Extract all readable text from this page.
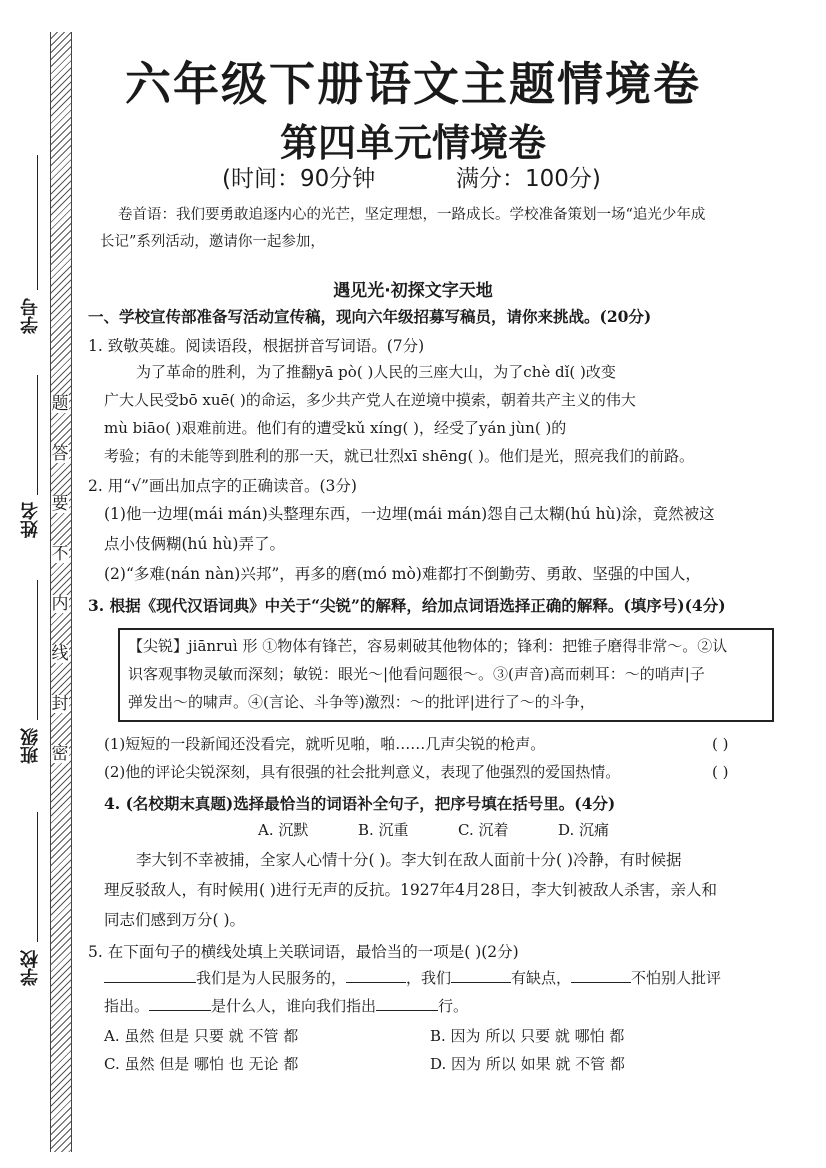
题
答
要
不
内
线
封
密
学号
姓名
班级
学校
六年级下册语文主题情境卷
第四单元情境卷
(时间：90分钟	满分：100分)
卷首语：我们要勇敢追逐内心的光芒，坚定理想，一路成长。学校准备策划一场“追光少年成
长记”系列活动，邀请你一起参加，
遇见光·初探文字天地
一、学校宣传部准备写活动宣传稿，现向六年级招募写稿员，请你来挑战。(20分)
1. 致敬英雄。阅读语段，根据拼音写词语。(7分)
为了革命的胜利，为了推翻yā pò( )人民的三座大山，为了chè dǐ( )改变
广大人民受bō xuē( )的命运，多少共产党人在逆境中摸索，朝着共产主义的伟大
mù biāo( )艰难前进。他们有的遭受kǔ xíng( )，经受了yán jùn( )的
考验；有的未能等到胜利的那一天，就已壮烈xī shēng( )。他们是光，照亮我们的前路。
2. 用“√”画出加点字的正确读音。(3分)
(1)他一边埋(mái mán)头整理东西，一边埋(mái mán)怨自己太糊(hú hù)涂，竟然被这
点小伎俩糊(hú hù)弄了。
(2)“多难(nán nàn)兴邦”，再多的磨(mó mò)难都打不倒勤劳、勇敢、坚强的中国人，
3. 根据《现代汉语词典》中关于“尖锐”的解释，给加点词语选择正确的解释。(填序号)(4分)
【尖锐】jiānruì 形 ①物体有锋芒，容易刺破其他物体的；锋利：把锥子磨得非常～。②认
识客观事物灵敏而深刻；敏锐：眼光～|他看问题很～。③(声音)高而刺耳：～的哨声|子
弹发出～的啸声。④(言论、斗争等)激烈：～的批评|进行了～的斗争，
(1)短短的一段新闻还没看完，就听见啪，啪……几声尖锐的枪声。	( )
(2)他的评论尖锐深刻，具有很强的社会批判意义，表现了他强烈的爱国热情。	( )
4. (名校期末真题)选择最恰当的词语补全句子，把序号填在括号里。(4分)
A. 沉默	B. 沉重	C. 沉着	D. 沉痛
李大钊不幸被捕，全家人心情十分( )。李大钊在敌人面前十分( )冷静，有时候据
理反驳敌人，有时候用( )进行无声的反抗。1927年4月28日，李大钊被敌人杀害，亲人和
同志们感到万分( )。
5. 在下面句子的横线处填上关联词语，最恰当的一项是( )(2分)
我们是为人民服务的，	，我们	有缺点，	不怕别人批评
指出。	是什么人，谁向我们指出	行。
A. 虽然 但是 只要 就 不管 都	B. 因为 所以 只要 就 哪怕 都
C. 虽然 但是 哪怕 也 无论 都	D. 因为 所以 如果 就 不管 都
